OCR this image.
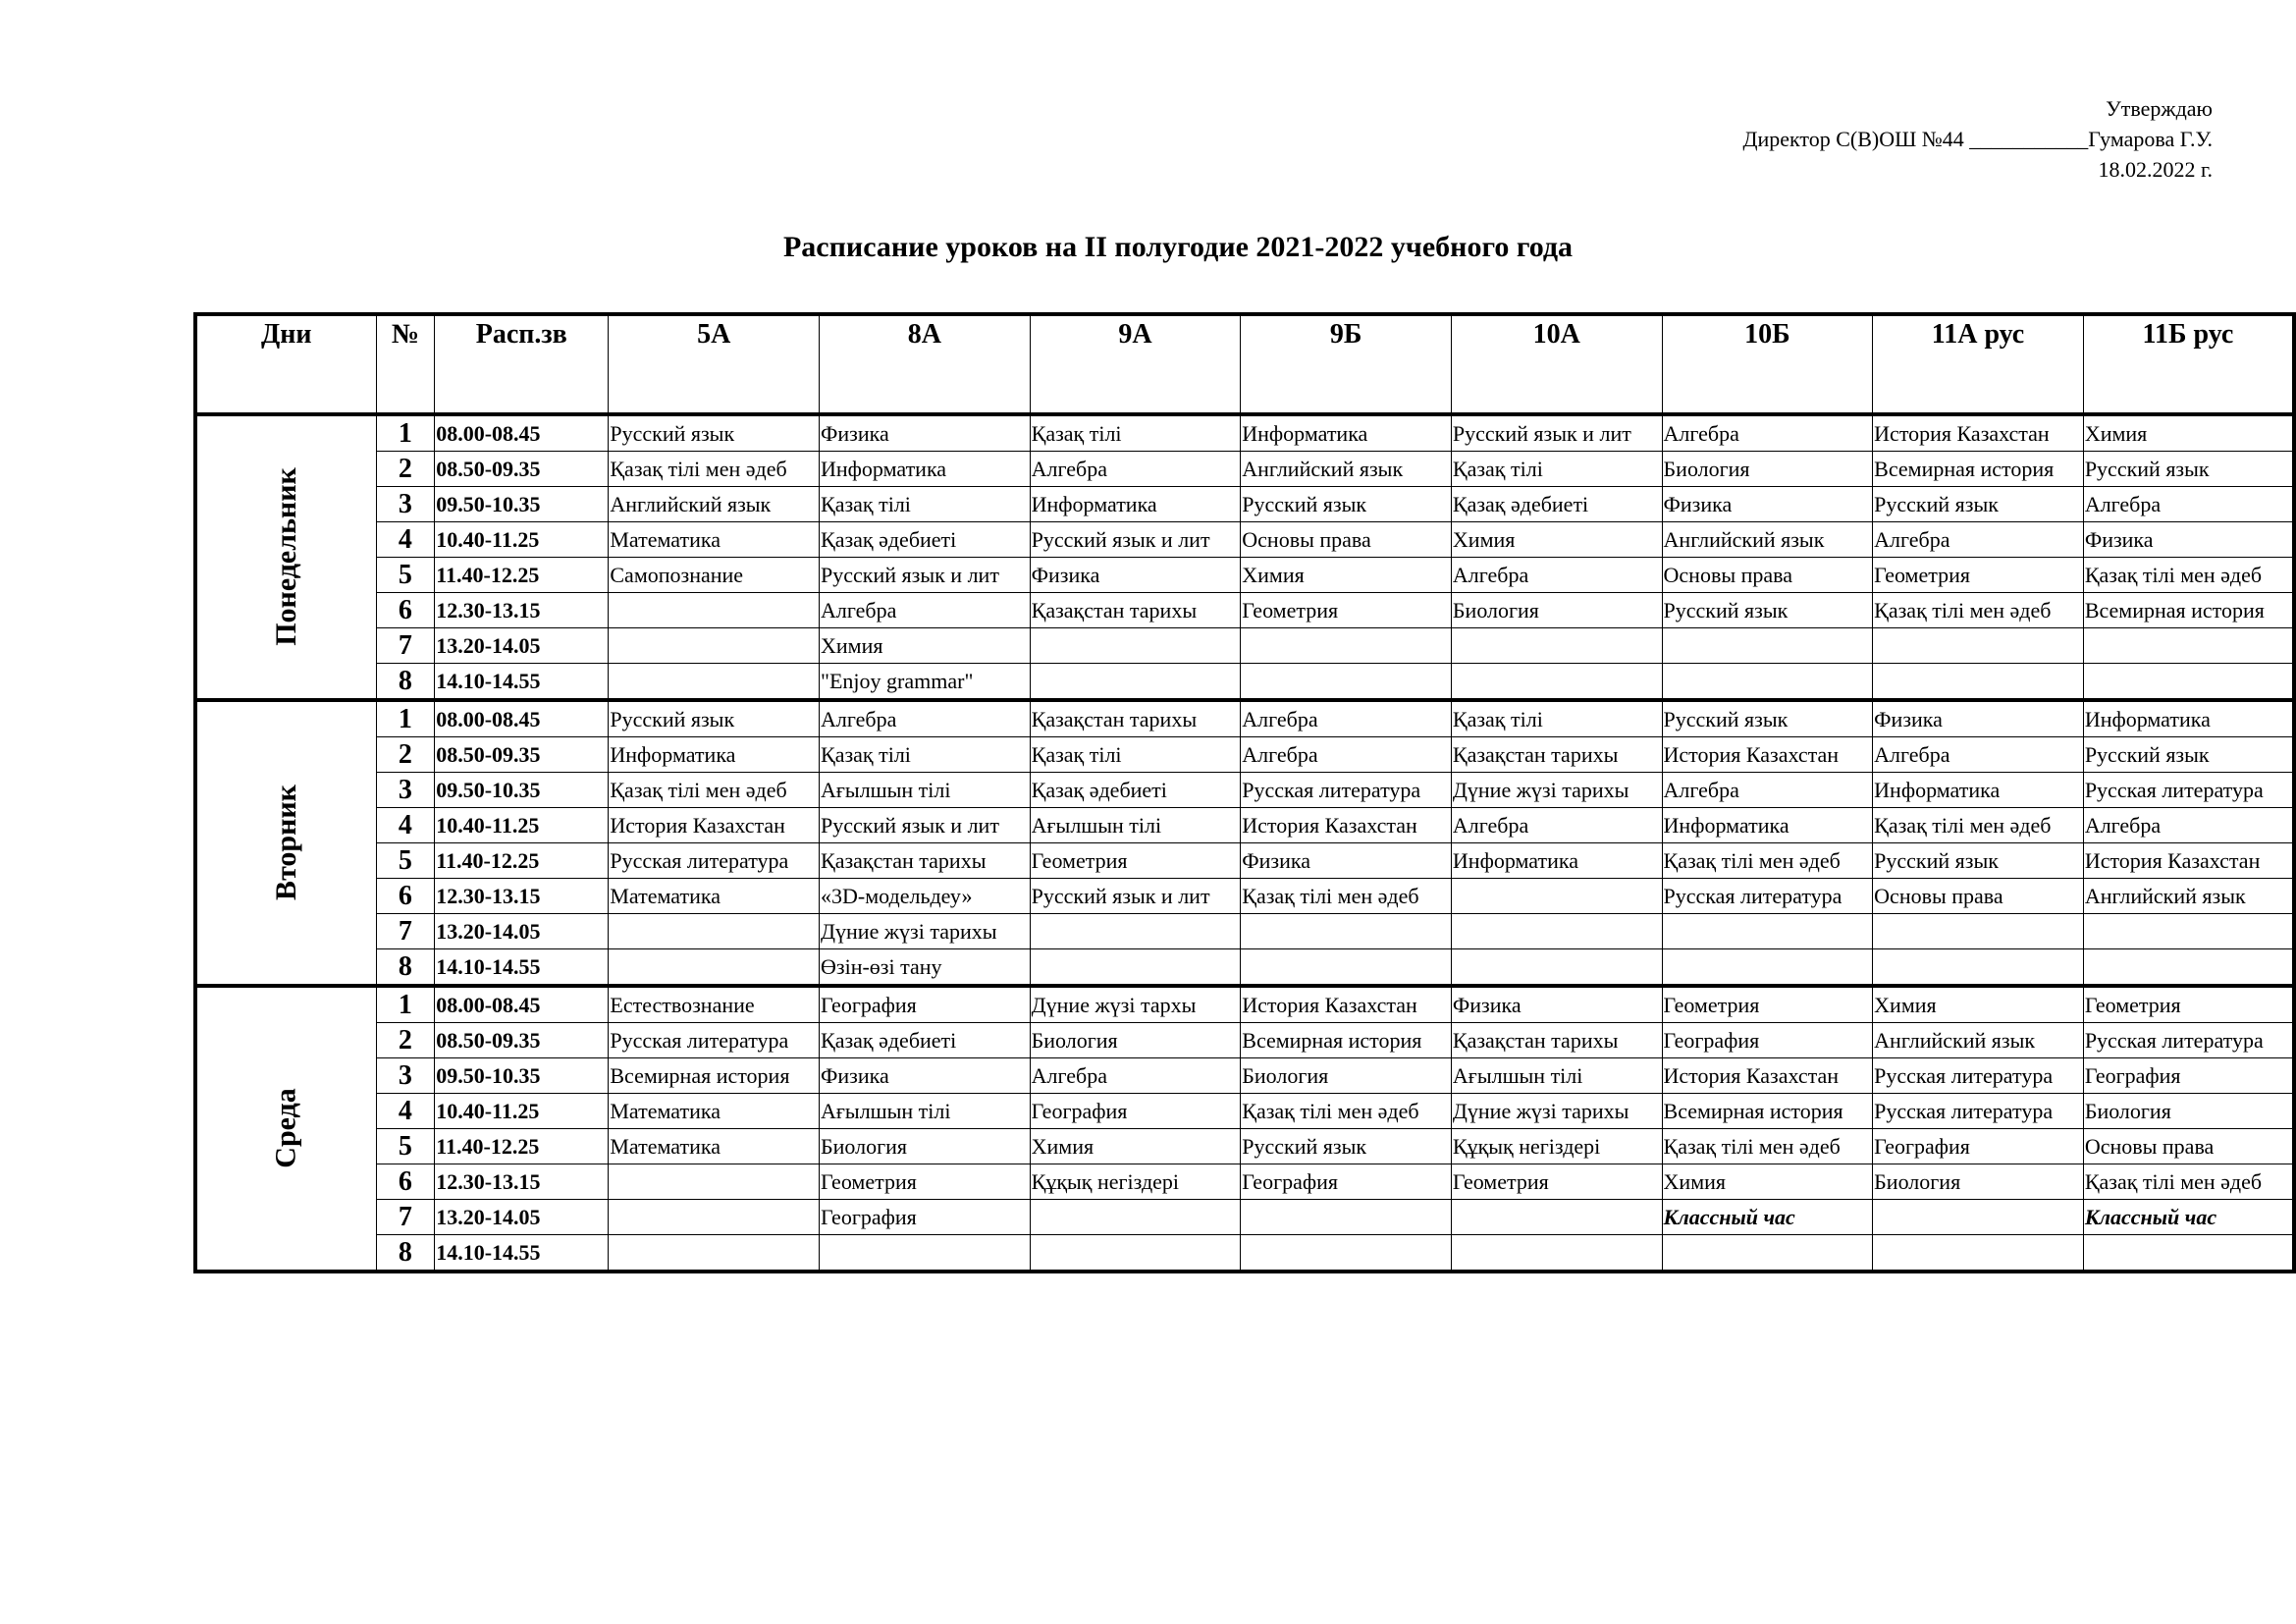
Утверждаю
Директор С(В)ОШ №44 ___________Гумарова Г.У.
18.02.2022 г.
Расписание уроков на II полугодие 2021-2022 учебного года
Дни	№	Расп.зв	5А	8А	9А	9Б	10А	10Б	11А рус	11Б рус
Понедельник	1	08.00-08.45	Русский язык	Физика	Қазақ тілі	Информатика	Русский язык и лит	Алгебра	История Казахстан	Химия
	2	08.50-09.35	Қазақ тілі мен әдеб	Информатика	Алгебра	Английский язык	Қазақ тілі	Биология	Всемирная история	Русский язык
	3	09.50-10.35	Английский язык	Қазақ тілі	Информатика	Русский язык	Қазақ әдебиеті	Физика	Русский язык	Алгебра
	4	10.40-11.25	Математика	Қазақ әдебиеті	Русский язык и лит	Основы права	Химия	Английский язык	Алгебра	Физика
	5	11.40-12.25	Самопознание	Русский язык и лит	Физика	Химия	Алгебра	Основы права	Геометрия	Қазақ тілі мен әдеб
	6	12.30-13.15		Алгебра	Қазақстан тарихы	Геометрия	Биология	Русский язык	Қазақ тілі мен әдеб	Всемирная история
	7	13.20-14.05		Химия						
	8	14.10-14.55		"Enjoy grammar"						
Вторник	1	08.00-08.45	Русский язык	Алгебра	Қазақстан тарихы	Алгебра	Қазақ тілі	Русский язык	Физика	Информатика
	2	08.50-09.35	Информатика	Қазақ тілі	Қазақ тілі	Алгебра	Қазақстан тарихы	История Казахстан	Алгебра	Русский язык
	3	09.50-10.35	Қазақ тілі мен әдеб	Ағылшын тілі	Қазақ әдебиеті	Русская литература	Дүние жүзі тарихы	Алгебра	Информатика	Русская литература
	4	10.40-11.25	История Казахстан	Русский язык и лит	Ағылшын тілі	История Казахстан	Алгебра	Информатика	Қазақ тілі мен әдеб	Алгебра
	5	11.40-12.25	Русская литература	Қазақстан тарихы	Геометрия	Физика	Информатика	Қазақ тілі мен әдеб	Русский язык	История Казахстан
	6	12.30-13.15	Математика	«3D-модельдеу»	Русский язык и лит	Қазақ тілі мен әдеб		Русская литература	Основы права	Английский язык
	7	13.20-14.05		Дүние жүзі тарихы						
	8	14.10-14.55		Өзін-өзі тану						
Среда	1	08.00-08.45	Естествознание	География	Дүние жүзі тархы	История Казахстан	Физика	Геометрия	Химия	Геометрия
	2	08.50-09.35	Русская литература	Қазақ әдебиеті	Биология	Всемирная история	Қазақстан тарихы	География	Английский язык	Русская литература
	3	09.50-10.35	Всемирная история	Физика	Алгебра	Биология	Ағылшын тілі	История Казахстан	Русская литература	География
	4	10.40-11.25	Математика	Ағылшын тілі	География	Қазақ тілі мен әдеб	Дүние жүзі тарихы	Всемирная история	Русская литература	Биология
	5	11.40-12.25	Математика	Биология	Химия	Русский язык	Құқық негіздері	Қазақ тілі мен әдеб	География	Основы права
	6	12.30-13.15		Геометрия	Құқық негіздері	География	Геометрия	Химия	Биология	Қазақ тілі мен әдеб
	7	13.20-14.05		География				Классный час		Классный час
	8	14.10-14.55								
